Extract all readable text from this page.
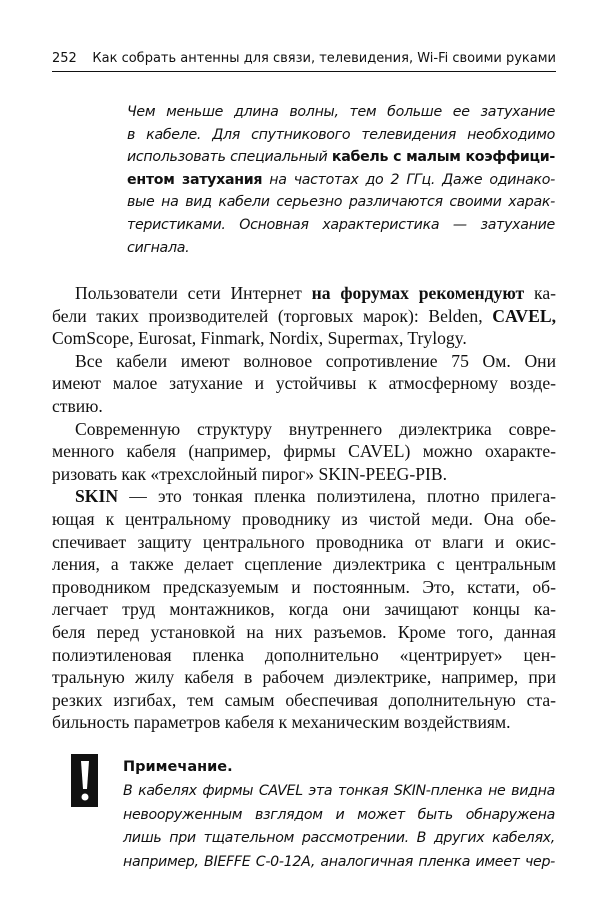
252 Как собрать антенны для связи, телевидения, Wi-Fi своими руками
Чем меньше длина волны, тем больше ее затухание
в кабеле. Для спутникового телевидения необходимо
использовать специальный кабель с малым коэффици-
ентом затухания на частотах до 2 ГГц. Даже одинако-
вые на вид кабели серьезно различаются своими харак-
теристиками. Основная характеристика — затухание
сигнала.
Пользователи сети Интернет на форумах рекомендуют ка-
бели таких производителей (торговых марок): Belden, CAVEL,
ComScope, Eurosat, Finmark, Nordix, Supermax, Trylogy.
Все кабели имеют волновое сопротивление 75 Ом. Они
имеют малое затухание и устойчивы к атмосферному возде-
ствию.
Современную структуру внутреннего диэлектрика совре-
менного кабеля (например, фирмы CAVEL) можно охаракте-
ризовать как «трехслойный пирог» SKIN-PEEG-PIB.
SKIN — это тонкая пленка полиэтилена, плотно прилега-
ющая к центральному проводнику из чистой меди. Она обе-
спечивает защиту центрального проводника от влаги и окис-
ления, а также делает сцепление диэлектрика с центральным
проводником предсказуемым и постоянным. Это, кстати, об-
легчает труд монтажников, когда они зачищают концы ка-
беля перед установкой на них разъемов. Кроме того, данная
полиэтиленовая пленка дополнительно «центрирует» цен-
тральную жилу кабеля в рабочем диэлектрике, например, при
резких изгибах, тем самым обеспечивая дополнительную ста-
бильность параметров кабеля к механическим воздействиям.
Примечание.
В кабелях фирмы CAVEL эта тонкая SKIN-пленка не видна
невооруженным взглядом и может быть обнаружена
лишь при тщательном рассмотрении. В других кабелях,
например, BIEFFE C-0-12A, аналогичная пленка имеет чер-
